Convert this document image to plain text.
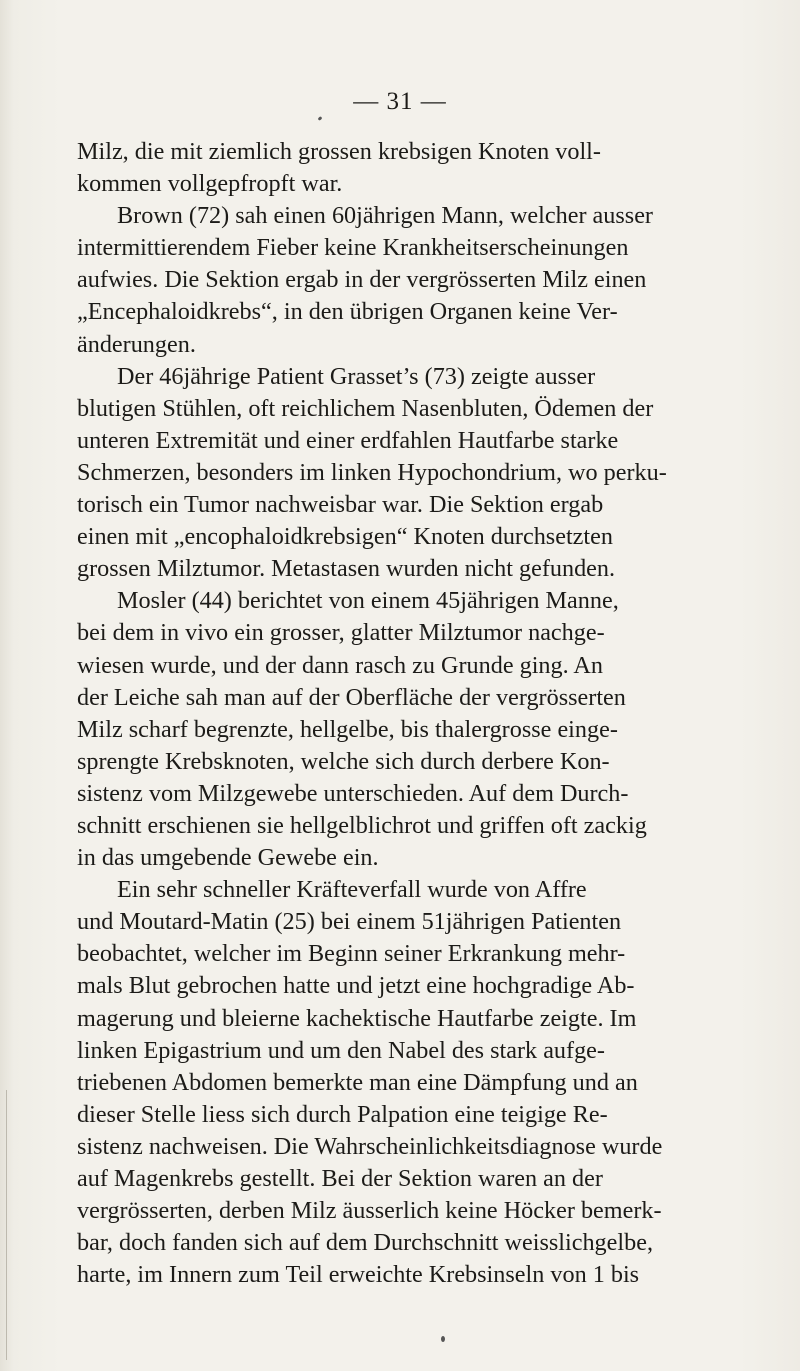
— 31 —

Milz, die mit ziemlich grossen krebsigen Knoten voll-
kommen vollgepfropft war.

Brown (72) sah einen 60jährigen Mann, welcher ausser
intermittierendem Fieber keine Krankheitserscheinungen
aufwies. Die Sektion ergab in der vergrösserten Milz einen
„Encephaloidkrebs“, in den übrigen Organen keine Ver-
änderungen.

Der 46jährige Patient Grasset’s (73) zeigte ausser
blutigen Stühlen, oft reichlichem Nasenbluten, Ödemen der
unteren Extremität und einer erdfahlen Hautfarbe starke
Schmerzen, besonders im linken Hypochondrium, wo perku-
torisch ein Tumor nachweisbar war. Die Sektion ergab
einen mit „encophaloidkrebsigen“ Knoten durchsetzten
grossen Milztumor. Metastasen wurden nicht gefunden.

Mosler (44) berichtet von einem 45jährigen Manne,
bei dem in vivo ein grosser, glatter Milztumor nachge-
wiesen wurde, und der dann rasch zu Grunde ging. An
der Leiche sah man auf der Oberfläche der vergrösserten
Milz scharf begrenzte, hellgelbe, bis thalergrosse einge-
sprengte Krebsknoten, welche sich durch derbere Kon-
sistenz vom Milzgewebe unterschieden. Auf dem Durch-
schnitt erschienen sie hellgelblichrot und griffen oft zackig
in das umgebende Gewebe ein.

Ein sehr schneller Kräfteverfall wurde von Affre
und Moutard-Matin (25) bei einem 51jährigen Patienten
beobachtet, welcher im Beginn seiner Erkrankung mehr-
mals Blut gebrochen hatte und jetzt eine hochgradige Ab-
magerung und bleierne kachektische Hautfarbe zeigte. Im
linken Epigastrium und um den Nabel des stark aufge-
triebenen Abdomen bemerkte man eine Dämpfung und an
dieser Stelle liess sich durch Palpation eine teigige Re-
sistenz nachweisen. Die Wahrscheinlichkeitsdiagnose wurde
auf Magenkrebs gestellt. Bei der Sektion waren an der
vergrösserten, derben Milz äusserlich keine Höcker bemerk-
bar, doch fanden sich auf dem Durchschnitt weisslichgelbe,
harte, im Innern zum Teil erweichte Krebsinseln von 1 bis
